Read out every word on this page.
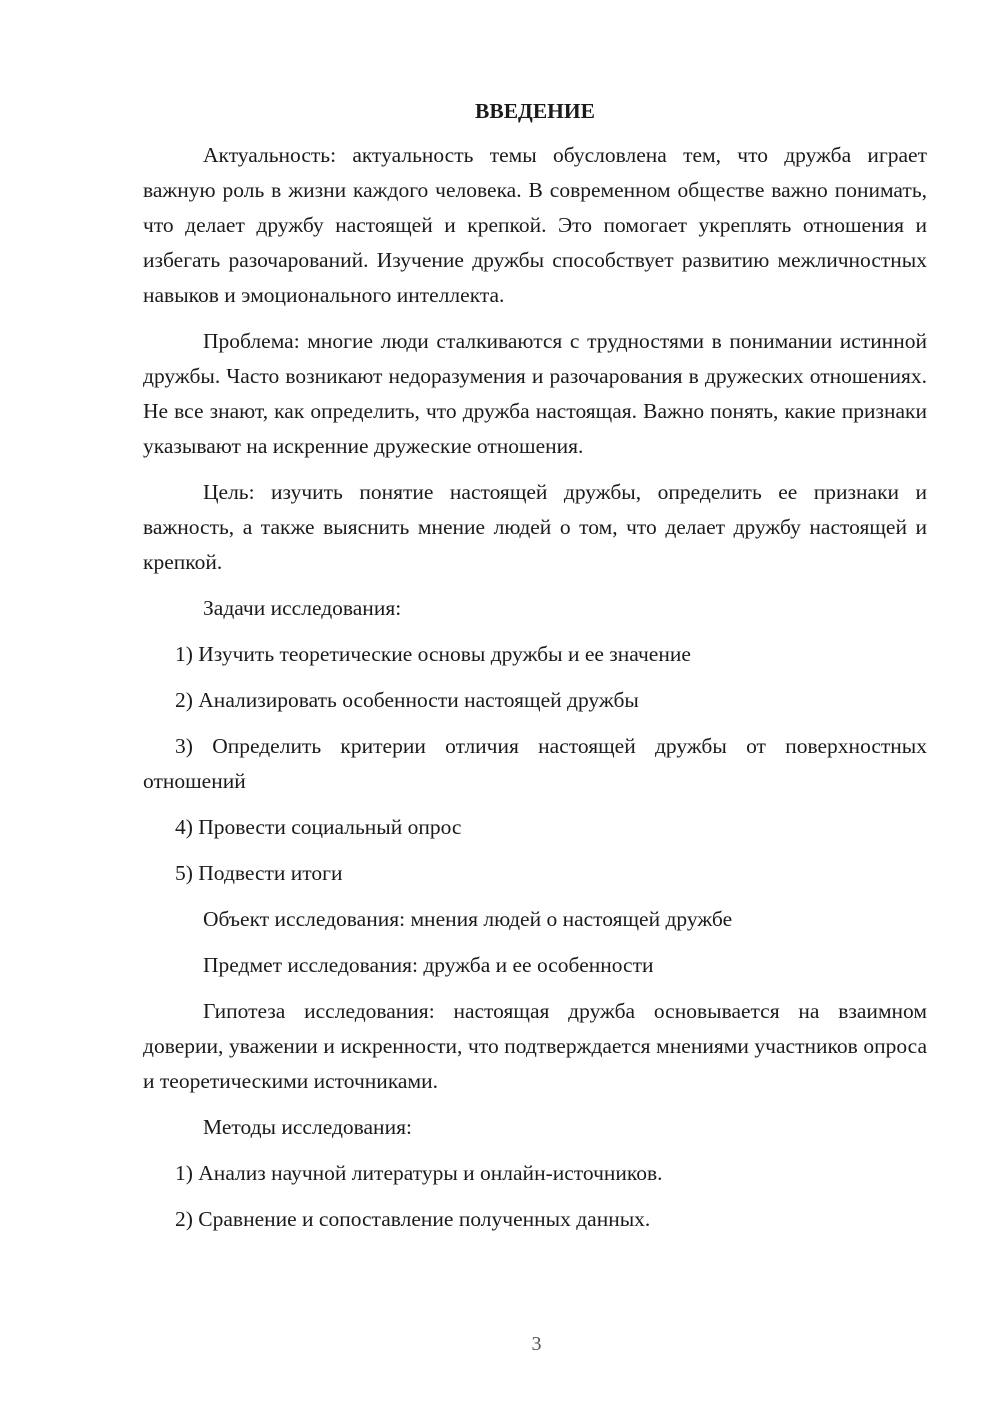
ВВЕДЕНИЕ
Актуальность: актуальность темы обусловлена тем, что дружба играет важную роль в жизни каждого человека. В современном обществе важно понимать, что делает дружбу настоящей и крепкой. Это помогает укреплять отношения и избегать разочарований. Изучение дружбы способствует развитию межличностных навыков и эмоционального интеллекта.
Проблема: многие люди сталкиваются с трудностями в понимании истинной дружбы. Часто возникают недоразумения и разочарования в дружеских отношениях. Не все знают, как определить, что дружба настоящая. Важно понять, какие признаки указывают на искренние дружеские отношения.
Цель: изучить понятие настоящей дружбы, определить ее признаки и важность, а также выяснить мнение людей о том, что делает дружбу настоящей и крепкой.
Задачи исследования:
1) Изучить теоретические основы дружбы и ее значение
2) Анализировать особенности настоящей дружбы
3) Определить критерии отличия настоящей дружбы от поверхностных отношений
4) Провести социальный опрос
5) Подвести итоги
Объект исследования: мнения людей о настоящей дружбе
Предмет исследования: дружба и ее особенности
Гипотеза исследования: настоящая дружба основывается на взаимном доверии, уважении и искренности, что подтверждается мнениями участников опроса и теоретическими источниками.
Методы исследования:
1) Анализ научной литературы и онлайн-источников.
2) Сравнение и сопоставление полученных данных.
3
